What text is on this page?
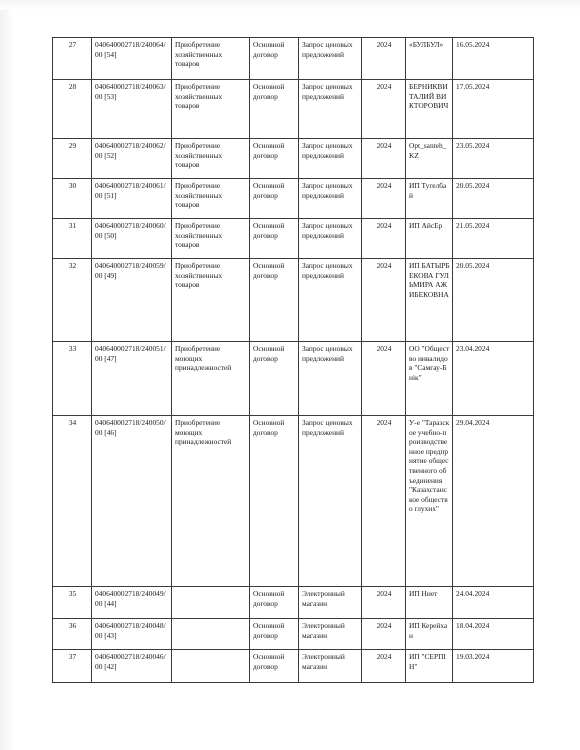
27	040640002718/240064/00 [54]	Приобретение хозяйственных товаров	Основной договор	Запрос ценовых предложений	2024	«БУЛБУЛ»	16.05.2024
28	040640002718/240063/00 [53]	Приобретение хозяйственных товаров	Основной договор	Запрос ценовых предложений	2024	БЕРНИКВИТАЛИЙ ВИКТОРОВИЧ	17.05.2024
29	040640002718/240062/00 [52]	Приобретение хозяйственных товаров	Основной договор	Запрос ценовых предложений	2024	Opt_santeh_KZ	23.05.2024
30	040640002718/240061/00 [51]	Приобретение хозяйственных товаров	Основной договор	Запрос ценовых предложений	2024	ИП Тугелбай	20.05.2024
31	040640002718/240060/00 [50]	Приобретение хозяйственных товаров	Основной договор	Запрос ценовых предложений	2024	ИП AйсЕр	21.05.2024
32	040640002718/240059/00 [49]	Приобретение хозяйственных товаров	Основной договор	Запрос ценовых предложений	2024	ИП БАТЫРБЕКОВА ГУЛЬМИРА АЖИБЕКОВНА	20.05.2024
33	040640002718/240051/00 [47]	Приобретение моющих принадлежностей	Основной договор	Запрос ценовых предложений	2024	ОО "Общество инвалидов "Самгау-Бнік"	23.04.2024
34	040640002718/240050/00 [46]	Приобретение моющих принадлежностей	Основной договор	Запрос ценовых предложений	2024	У-е "Таразское учебно-производственное предприятие общественного объединения "Казахстанское общество глухих"	29.04.2024
35	040640002718/240049/00 [44]		Основной договор	Электронный магазин	2024	ИП Ниет	24.04.2024
36	040640002718/240048/00 [43]		Основной договор	Электронный магазин	2024	ИП Керейхан	18.04.2024
37	040640002718/240046/00 [42]		Основной договор	Электронный магазин	2024	ИП "СЕРПІН"	19.03.2024
